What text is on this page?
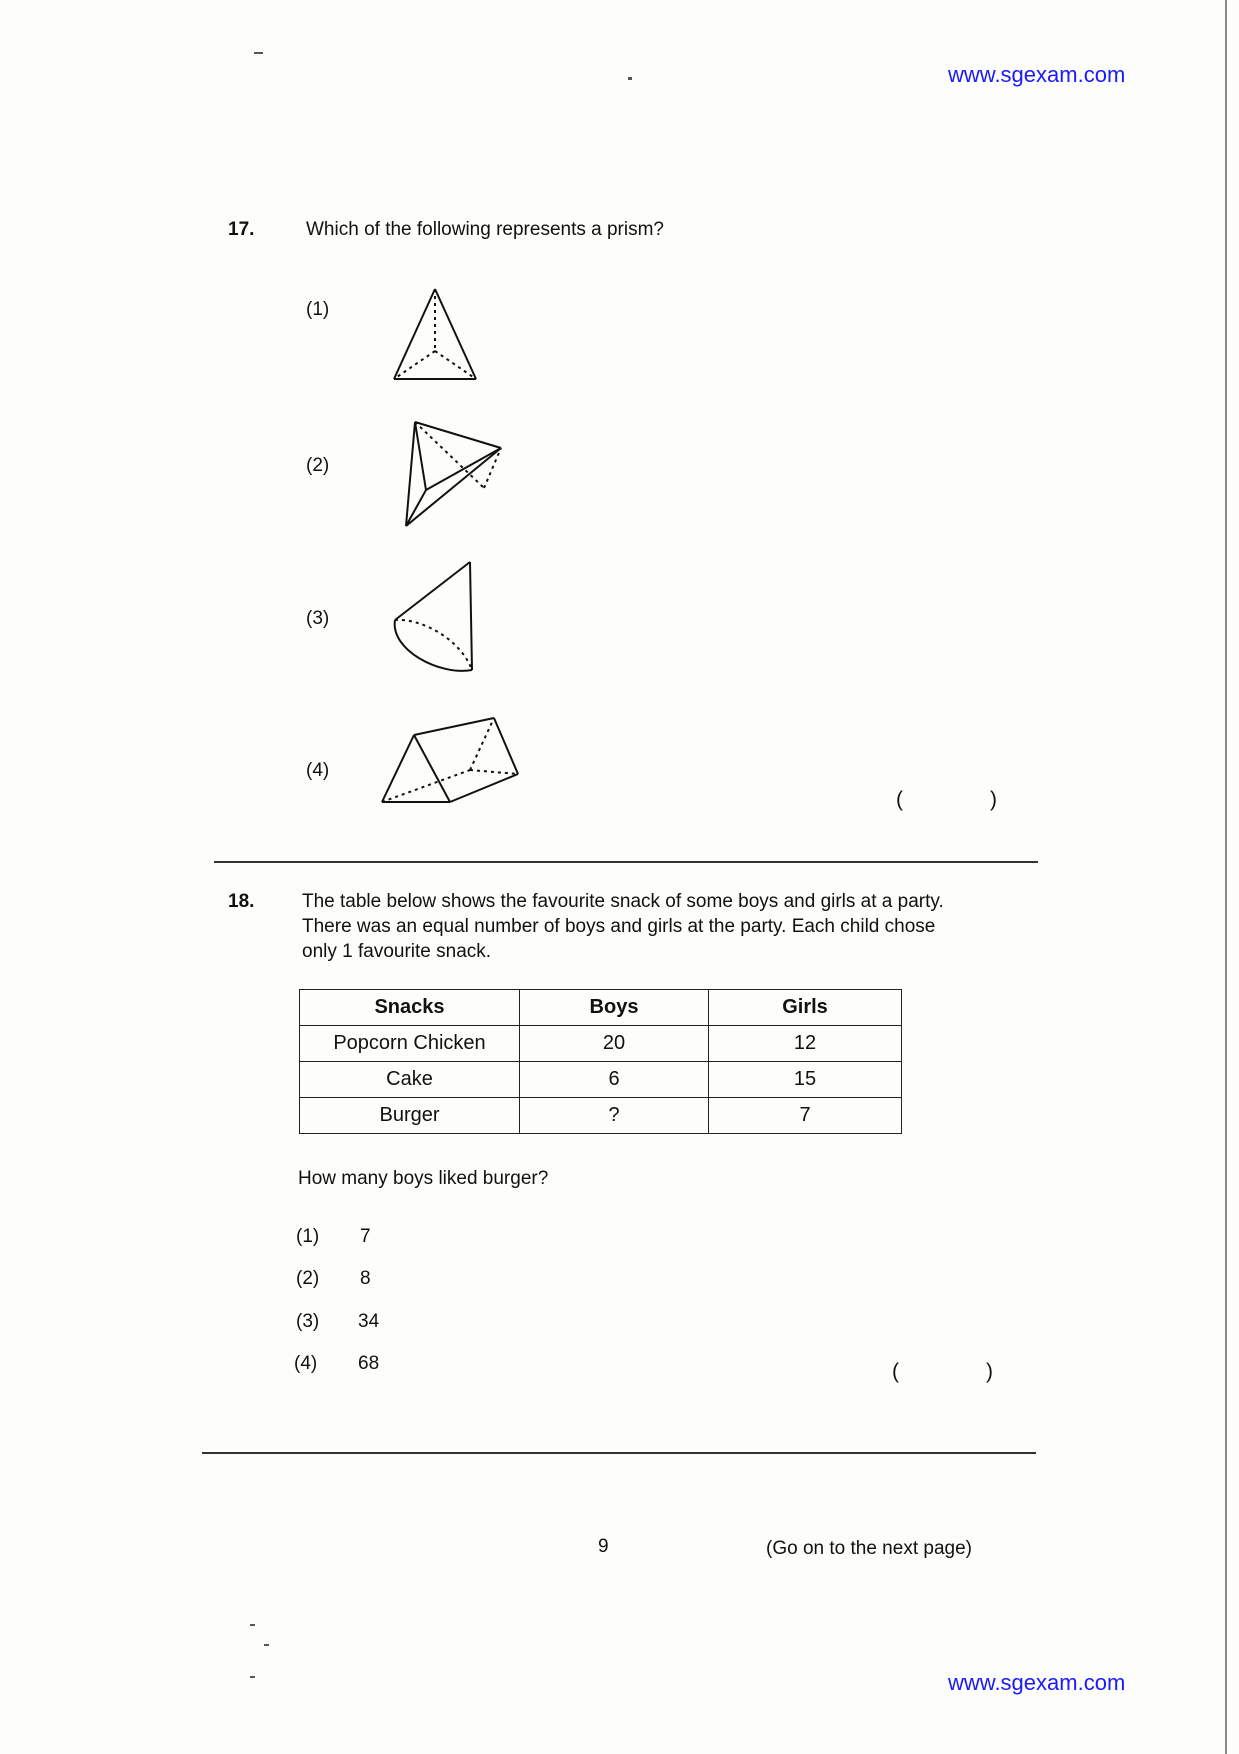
www.sgexam.com
17.	Which of the following represents a prism?
(1)
(2)
(3)
(4)
(	)
18.	The table below shows the favourite snack of some boys and girls at a party.
There was an equal number of boys and girls at the party. Each child chose
only 1 favourite snack.
Snacks	Boys	Girls
Popcorn Chicken	20	12
Cake	6	15
Burger	?	7
How many boys liked burger?
(1) 7
(2) 8
(3) 34
(4) 68	(	)
9	(Go on to the next page)
www.sgexam.com
